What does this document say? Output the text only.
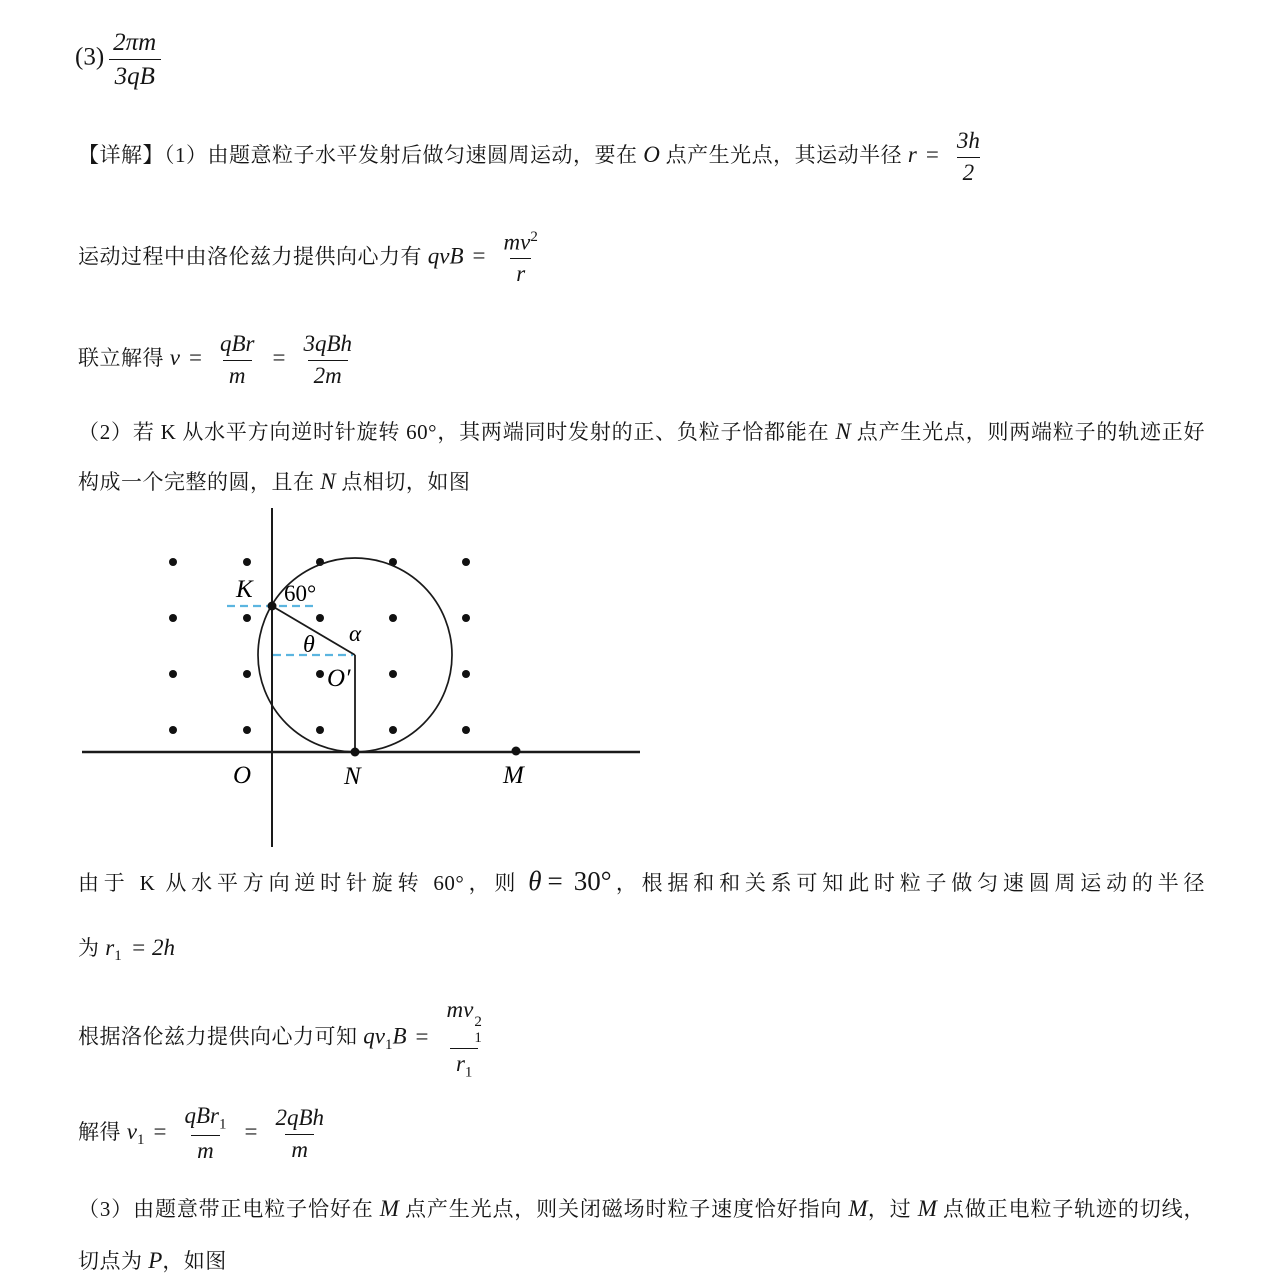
$(3) \frac{2\pi m}{3qB}$
【详解】（1）由题意粒子水平发射后做匀速圆周运动，要在 O 点产生光点，其运动半径 $r = \frac{3h}{2}$
运动过程中由洛伦兹力提供向心力有 qvB = $\frac{mv^2}{r}$
联立解得 $v = \frac{\text{qBr}}{m} = \frac{\text{3qBh}}{2m}$
（2）若 K 从水平方向逆时针旋转 60°，其两端同时发射的正、负粒子恰都能在 N 点产生光点，则两端粒子的轨迹正好构成一个完整的圆，且在 N 点相切，如图
K 60°
θ α
O′
O	N	M
由于 K 从水平方向逆时针旋转 60°，则 θ = 30°，根据和和关系可知此时粒子做匀速圆周运动的半径
为 $r_1 = 2h$
根据洛伦兹力提供向心力可知 $qv_1B$ = mv 2
1
$r_1$
解得 $v_1 = \frac{qBr_1}{m} = \frac{\text{2qBh}}{m}$
（3）由题意带正电粒子恰好在 M 点产生光点，则关闭磁场时粒子速度恰好指向 M，过 M 点做正电粒子轨迹的切线，切点为 P，如图
